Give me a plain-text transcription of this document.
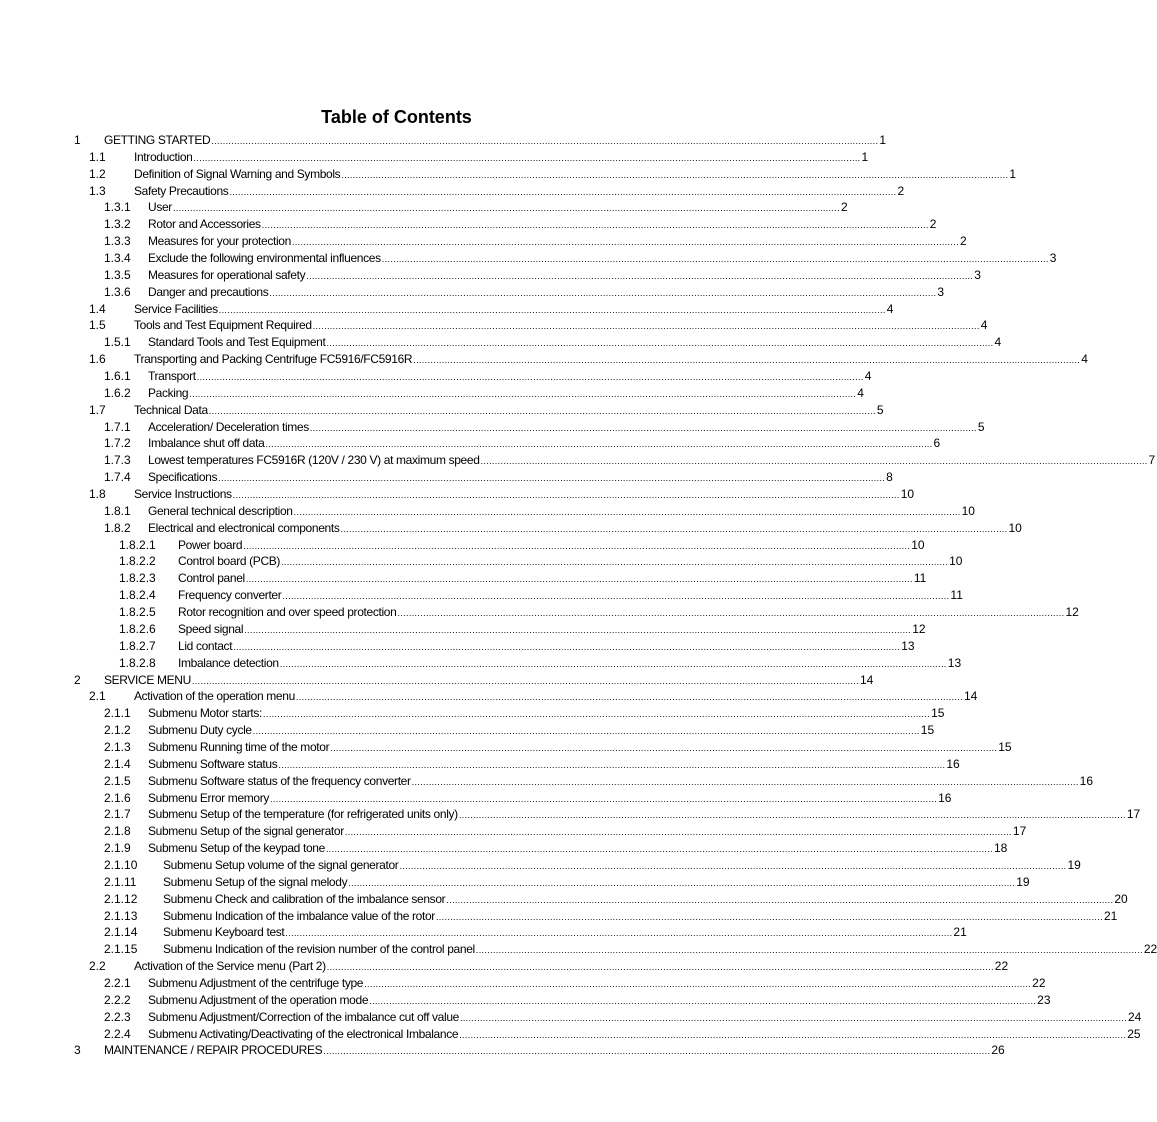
Table of Contents
1 GETTING STARTED .......................................................................................................................................................................................................................................... 1
1.1 Introduction .......................................................................................................................................................................................................................................... 1
1.2 Definition of Signal Warning and Symbols .......................................................................................................................................................................................................................................... 1
1.3 Safety Precautions .......................................................................................................................................................................................................................................... 2
1.3.1 User .......................................................................................................................................................................................................................................... 2
1.3.2 Rotor and Accessories .......................................................................................................................................................................................................................................... 2
1.3.3 Measures for your protection .......................................................................................................................................................................................................................................... 2
1.3.4 Exclude the following environmental influences .......................................................................................................................................................................................................................................... 3
1.3.5 Measures for operational safety .......................................................................................................................................................................................................................................... 3
1.3.6 Danger and precautions .......................................................................................................................................................................................................................................... 3
1.4 Service Facilities .......................................................................................................................................................................................................................................... 4
1.5 Tools and Test Equipment Required .......................................................................................................................................................................................................................................... 4
1.5.1 Standard Tools and Test Equipment .......................................................................................................................................................................................................................................... 4
1.6 Transporting and Packing Centrifuge FC5916/FC5916R .......................................................................................................................................................................................................................................... 4
1.6.1 Transport .......................................................................................................................................................................................................................................... 4
1.6.2 Packing .......................................................................................................................................................................................................................................... 4
1.7 Technical Data .......................................................................................................................................................................................................................................... 5
1.7.1 Acceleration/ Deceleration times .......................................................................................................................................................................................................................................... 5
1.7.2 Imbalance shut off data .......................................................................................................................................................................................................................................... 6
1.7.3 Lowest temperatures FC5916R (120V / 230 V) at maximum speed .......................................................................................................................................................................................................................................... 7
1.7.4 Specifications .......................................................................................................................................................................................................................................... 8
1.8 Service Instructions .......................................................................................................................................................................................................................................... 10
1.8.1 General technical description .......................................................................................................................................................................................................................................... 10
1.8.2 Electrical and electronical components .......................................................................................................................................................................................................................................... 10
1.8.2.1 Power board .......................................................................................................................................................................................................................................... 10
1.8.2.2 Control board (PCB) .......................................................................................................................................................................................................................................... 10
1.8.2.3 Control panel .......................................................................................................................................................................................................................................... 11
1.8.2.4 Frequency converter .......................................................................................................................................................................................................................................... 11
1.8.2.5 Rotor recognition and over speed protection .......................................................................................................................................................................................................................................... 12
1.8.2.6 Speed signal .......................................................................................................................................................................................................................................... 12
1.8.2.7 Lid contact .......................................................................................................................................................................................................................................... 13
1.8.2.8 Imbalance detection .......................................................................................................................................................................................................................................... 13
2 SERVICE MENU .......................................................................................................................................................................................................................................... 14
2.1 Activation of the operation menu .......................................................................................................................................................................................................................................... 14
2.1.1 Submenu Motor starts: .......................................................................................................................................................................................................................................... 15
2.1.2 Submenu Duty cycle .......................................................................................................................................................................................................................................... 15
2.1.3 Submenu Running time of the motor .......................................................................................................................................................................................................................................... 15
2.1.4 Submenu Software status .......................................................................................................................................................................................................................................... 16
2.1.5 Submenu Software status of the frequency converter .......................................................................................................................................................................................................................................... 16
2.1.6 Submenu Error memory .......................................................................................................................................................................................................................................... 16
2.1.7 Submenu Setup of the temperature (for refrigerated units only) .......................................................................................................................................................................................................................................... 17
2.1.8 Submenu Setup of the signal generator .......................................................................................................................................................................................................................................... 17
2.1.9 Submenu Setup of the keypad tone .......................................................................................................................................................................................................................................... 18
2.1.10 Submenu Setup volume of the signal generator .......................................................................................................................................................................................................................................... 19
2.1.11 Submenu Setup of the signal melody .......................................................................................................................................................................................................................................... 19
2.1.12 Submenu Check and calibration of the imbalance sensor .......................................................................................................................................................................................................................................... 20
2.1.13 Submenu Indication of the imbalance value of the rotor .......................................................................................................................................................................................................................................... 21
2.1.14 Submenu Keyboard test .......................................................................................................................................................................................................................................... 21
2.1.15 Submenu Indication of the revision number of the control panel .......................................................................................................................................................................................................................................... 22
2.2 Activation of the Service menu (Part 2) .......................................................................................................................................................................................................................................... 22
2.2.1 Submenu Adjustment of the centrifuge type .......................................................................................................................................................................................................................................... 22
2.2.2 Submenu Adjustment of the operation mode .......................................................................................................................................................................................................................................... 23
2.2.3 Submenu Adjustment/Correction of the imbalance cut off value .......................................................................................................................................................................................................................................... 24
2.2.4 Submenu Activating/Deactivating of the electronical Imbalance .......................................................................................................................................................................................................................................... 25
3 MAINTENANCE / REPAIR PROCEDURES .......................................................................................................................................................................................................................................... 26
